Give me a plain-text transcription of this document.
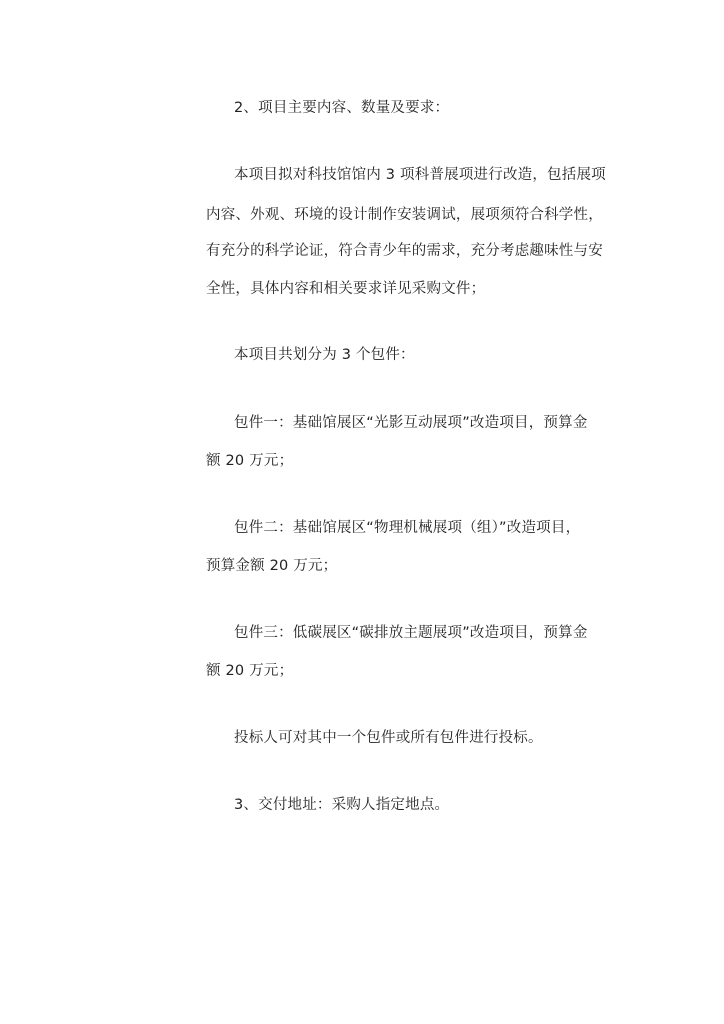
2、项目主要内容、数量及要求：
本项目拟对科技馆馆内 3 项科普展项进行改造，包括展项
内容、外观、环境的设计制作安装调试，展项须符合科学性，
有充分的科学论证，符合青少年的需求，充分考虑趣味性与安
全性，具体内容和相关要求详见采购文件；
本项目共划分为 3 个包件：
包件一：基础馆展区“光影互动展项”改造项目，预算金
额 20 万元；
包件二：基础馆展区“物理机械展项（组）”改造项目，
预算金额 20 万元；
包件三：低碳展区“碳排放主题展项”改造项目，预算金
额 20 万元；
投标人可对其中一个包件或所有包件进行投标。
3、交付地址：采购人指定地点。
